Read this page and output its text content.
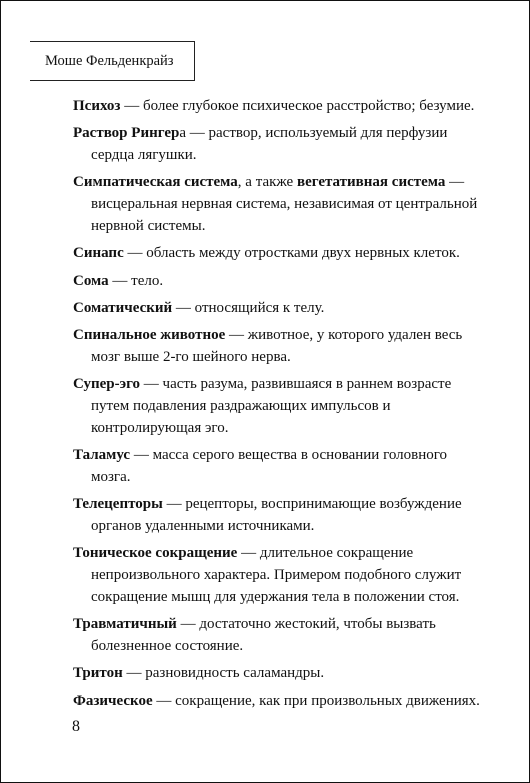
Моше Фельденкрайз

Психоз — более глубокое психическое расстройство; безумие.

Раствор Рингера — раствор, используемый для перфузии сердца лягушки.

Симпатическая система, а также вегетативная система — висцеральная нервная система, независимая от центральной нервной системы.

Синапс — область между отростками двух нервных клеток.

Сома — тело.

Соматический — относящийся к телу.

Спинальное животное — животное, у которого удален весь мозг выше 2-го шейного нерва.

Супер-эго — часть разума, развившаяся в раннем возрасте путем подавления раздражающих импульсов и контролирующая эго.

Таламус — масса серого вещества в основании головного мозга.

Телецепторы — рецепторы, воспринимающие возбуждение органов удаленными источниками.

Тоническое сокращение — длительное сокращение непроизвольного характера. Примером подобного служит сокращение мышц для удержания тела в положении стоя.

Травматичный — достаточно жестокий, чтобы вызвать болезненное состояние.

Тритон — разновидность саламандры.

Фазическое — сокращение, как при произвольных движениях.

8
